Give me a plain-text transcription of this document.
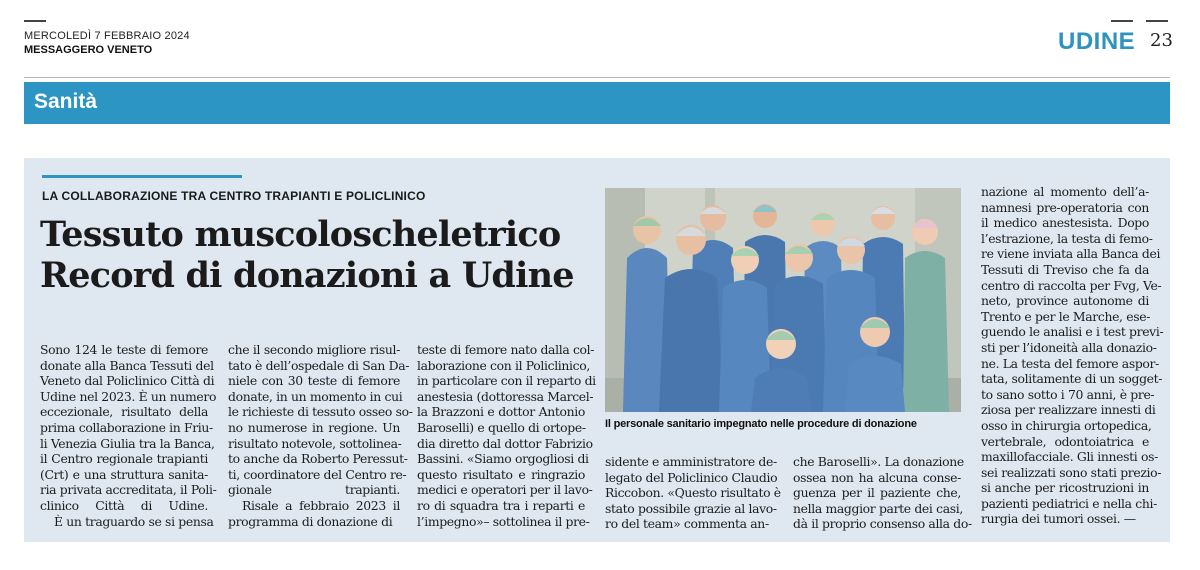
MERCOLEDÌ 7 FEBBRAIO 2024
MESSAGGERO VENETO	UDINE 23
Sanità
LA COLLABORAZIONE TRA CENTRO TRAPIANTI E POLICLINICO
Tessuto muscoloscheletrico
Record di donazioni a Udine
Sono 124 le teste di femore
donate alla Banca Tessuti del
Veneto dal Policlinico Città di
Udine nel 2023. È un numero
eccezionale, risultato della
prima collaborazione in Friu-
li Venezia Giulia tra la Banca,
il Centro regionale trapianti
(Crt) e una struttura sanita-
ria privata accreditata, il Poli-
clinico Città di Udine.
È un traguardo se si pensa
che il secondo migliore risul-
tato è dell’ospedale di San Da-
niele con 30 teste di femore
donate, in un momento in cui
le richieste di tessuto osseo so-
no numerose in regione. Un
risultato notevole, sottolinea-
to anche da Roberto Peressut-
ti, coordinatore del Centro re-
gionale trapianti.
Risale a febbraio 2023 il
programma di donazione di
teste di femore nato dalla col-
laborazione con il Policlinico,
in particolare con il reparto di
anestesia (dottoressa Marcel-
la Brazzoni e dottor Antonio
Baroselli) e quello di ortope-
dia diretto dal dottor Fabrizio
Bassini. «Siamo orgogliosi di
questo risultato e ringrazio
medici e operatori per il lavo-
ro di squadra tra i reparti e
l’impegno»– sottolinea il pre-
Il personale sanitario impegnato nelle procedure di donazione
sidente e amministratore de-
legato del Policlinico Claudio
Riccobon. «Questo risultato è
stato possibile grazie al lavo-
ro del team» commenta an-
che Baroselli». La donazione
ossea non ha alcuna conse-
guenza per il paziente che,
nella maggior parte dei casi,
dà il proprio consenso alla do-
nazione al momento dell’a-
namnesi pre-operatoria con
il medico anestesista. Dopo
l’estrazione, la testa di femo-
re viene inviata alla Banca dei
Tessuti di Treviso che fa da
centro di raccolta per Fvg, Ve-
neto, province autonome di
Trento e per le Marche, ese-
guendo le analisi e i test previ-
sti per l’idoneità alla donazio-
ne. La testa del femore aspor-
tata, solitamente di un sogget-
to sano sotto i 70 anni, è pre-
ziosa per realizzare innesti di
osso in chirurgia ortopedica,
vertebrale, odontoiatrica e
maxillofacciale. Gli innesti os-
sei realizzati sono stati prezio-
si anche per ricostruzioni in
pazienti pediatrici e nella chi-
rurgia dei tumori ossei. —
